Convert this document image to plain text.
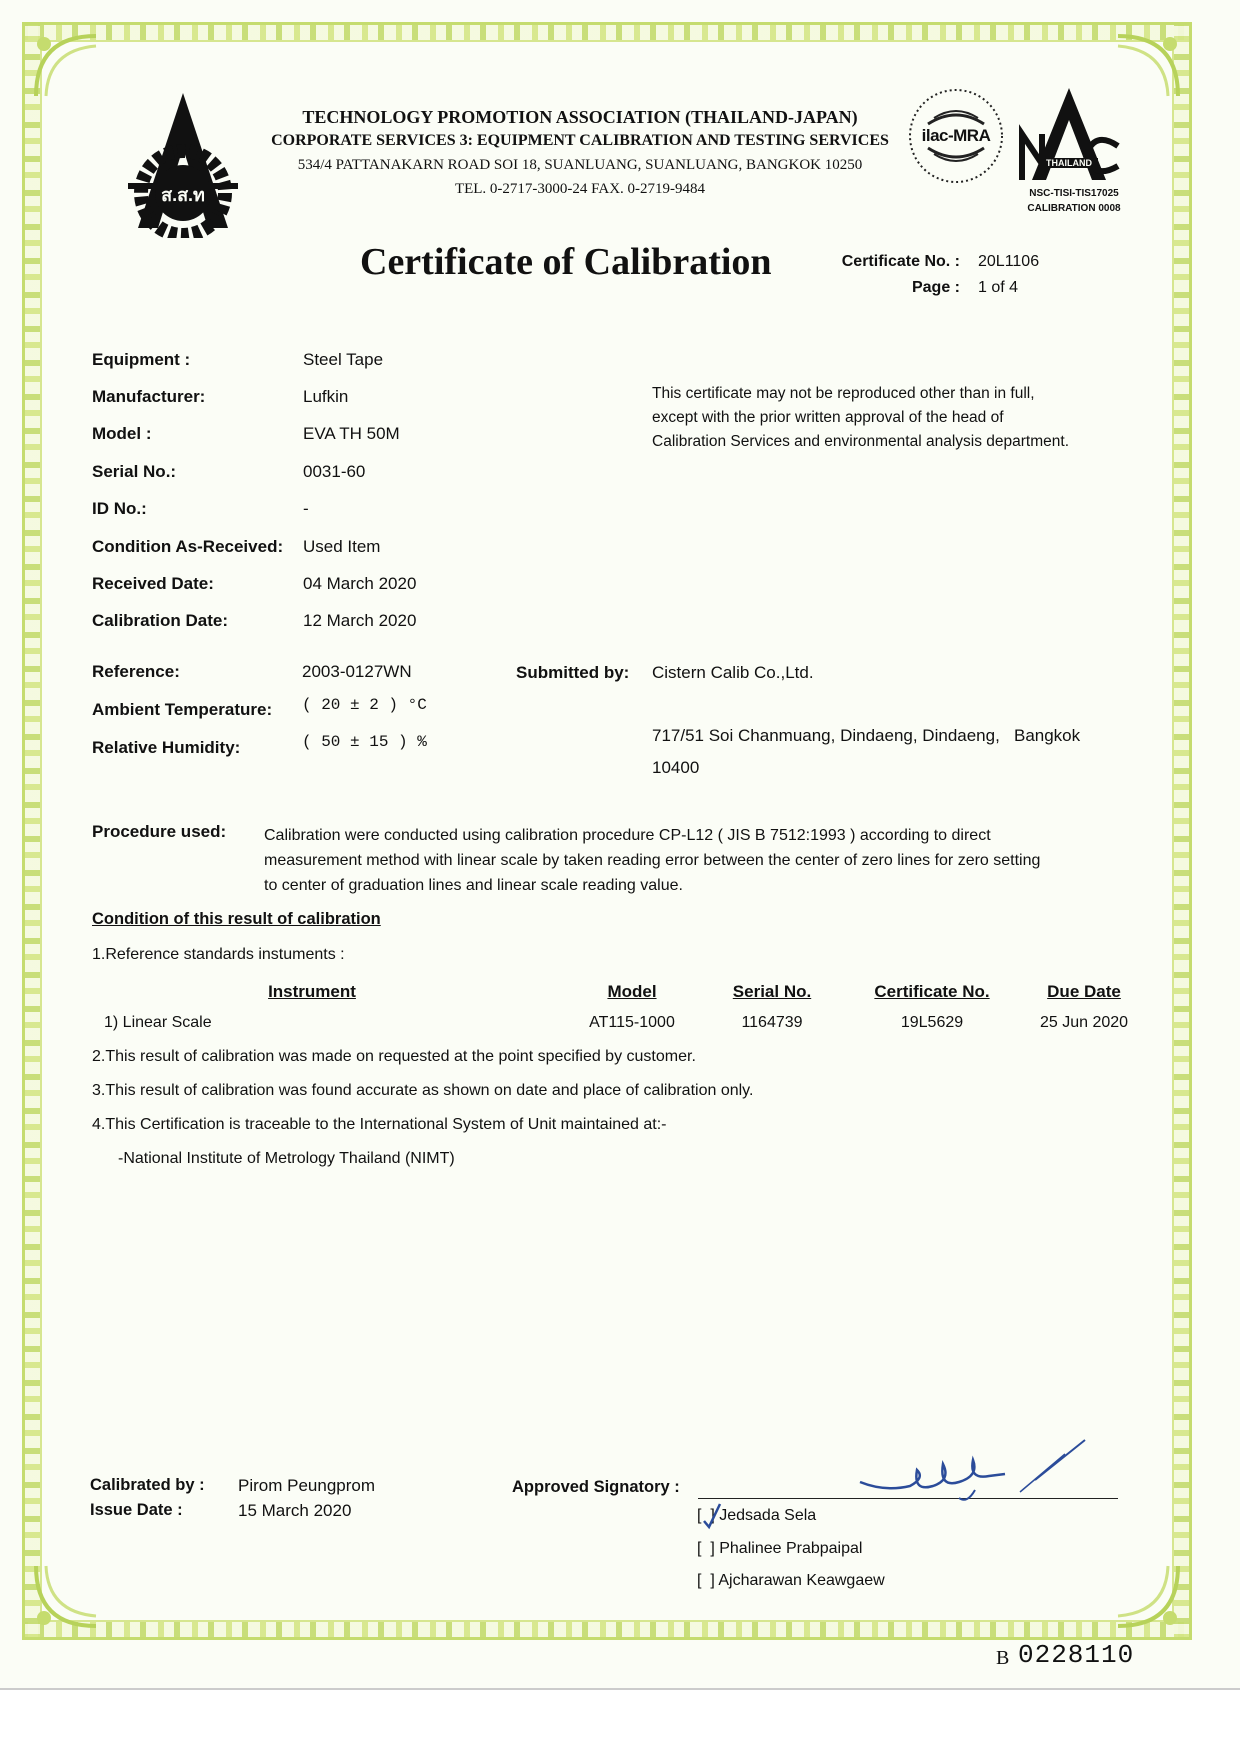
ส.ส.ท
TECHNOLOGY PROMOTION ASSOCIATION (THAILAND-JAPAN)
CORPORATE SERVICES 3: EQUIPMENT CALIBRATION AND TESTING SERVICES
534/4 PATTANAKARN ROAD SOI 18, SUANLUANG, SUANLUANG, BANGKOK 10250
TEL. 0-2717-3000-24 FAX. 0-2719-9484
ilac-MRA
THAILAND
NSC-TISI-TIS17025
CALIBRATION 0008
Certificate of Calibration	Certificate No. : 20L1106
Page : 1 of 4
Equipment :	Steel Tape
Manufacturer:	Lufkin
Model :	EVA TH 50M
Serial No.:	0031-60
ID No.:	-
Condition As-Received: Used Item
Received Date:	04 March 2020
Calibration Date:	12 March 2020
This certificate may not be reproduced other than in full,
except with the prior written approval of the head of
Calibration Services and environmental analysis department.
Reference:	2003-0127WN
Ambient Temperature: ( 20 ± 2 ) °C
Relative Humidity:	( 50 ± 15 ) %
Submitted by: Cistern Calib Co.,Ltd.
717/51 Soi Chanmuang, Dindaeng, Dindaeng,   Bangkok
10400
Procedure used: Calibration were conducted using calibration procedure CP-L12 ( JIS B 7512:1993 ) according to direct
measurement method with linear scale by taken reading error between the center of zero lines for zero setting
to center of graduation lines and linear scale reading value.
Condition of this result of calibration
1.Reference standards instuments :
Instrument	Model	Serial No.	Certificate No.	Due Date
1) Linear Scale	AT115-1000	1164739	19L5629	25 Jun 2020
2.This result of calibration was made on requested at the point specified by customer.
3.This result of calibration was found accurate as shown on date and place of calibration only.
4.This Certification is traceable to the International System of Unit maintained at:-
-National Institute of Metrology Thailand (NIMT)
Calibrated by : Pirom Peungprom
Issue Date :	15 March 2020
Approved Signatory :
[  ] Jedsada Sela
[  ] Phalinee Prabpaipal
[  ] Ajcharawan Keawgaew
B 0228110
